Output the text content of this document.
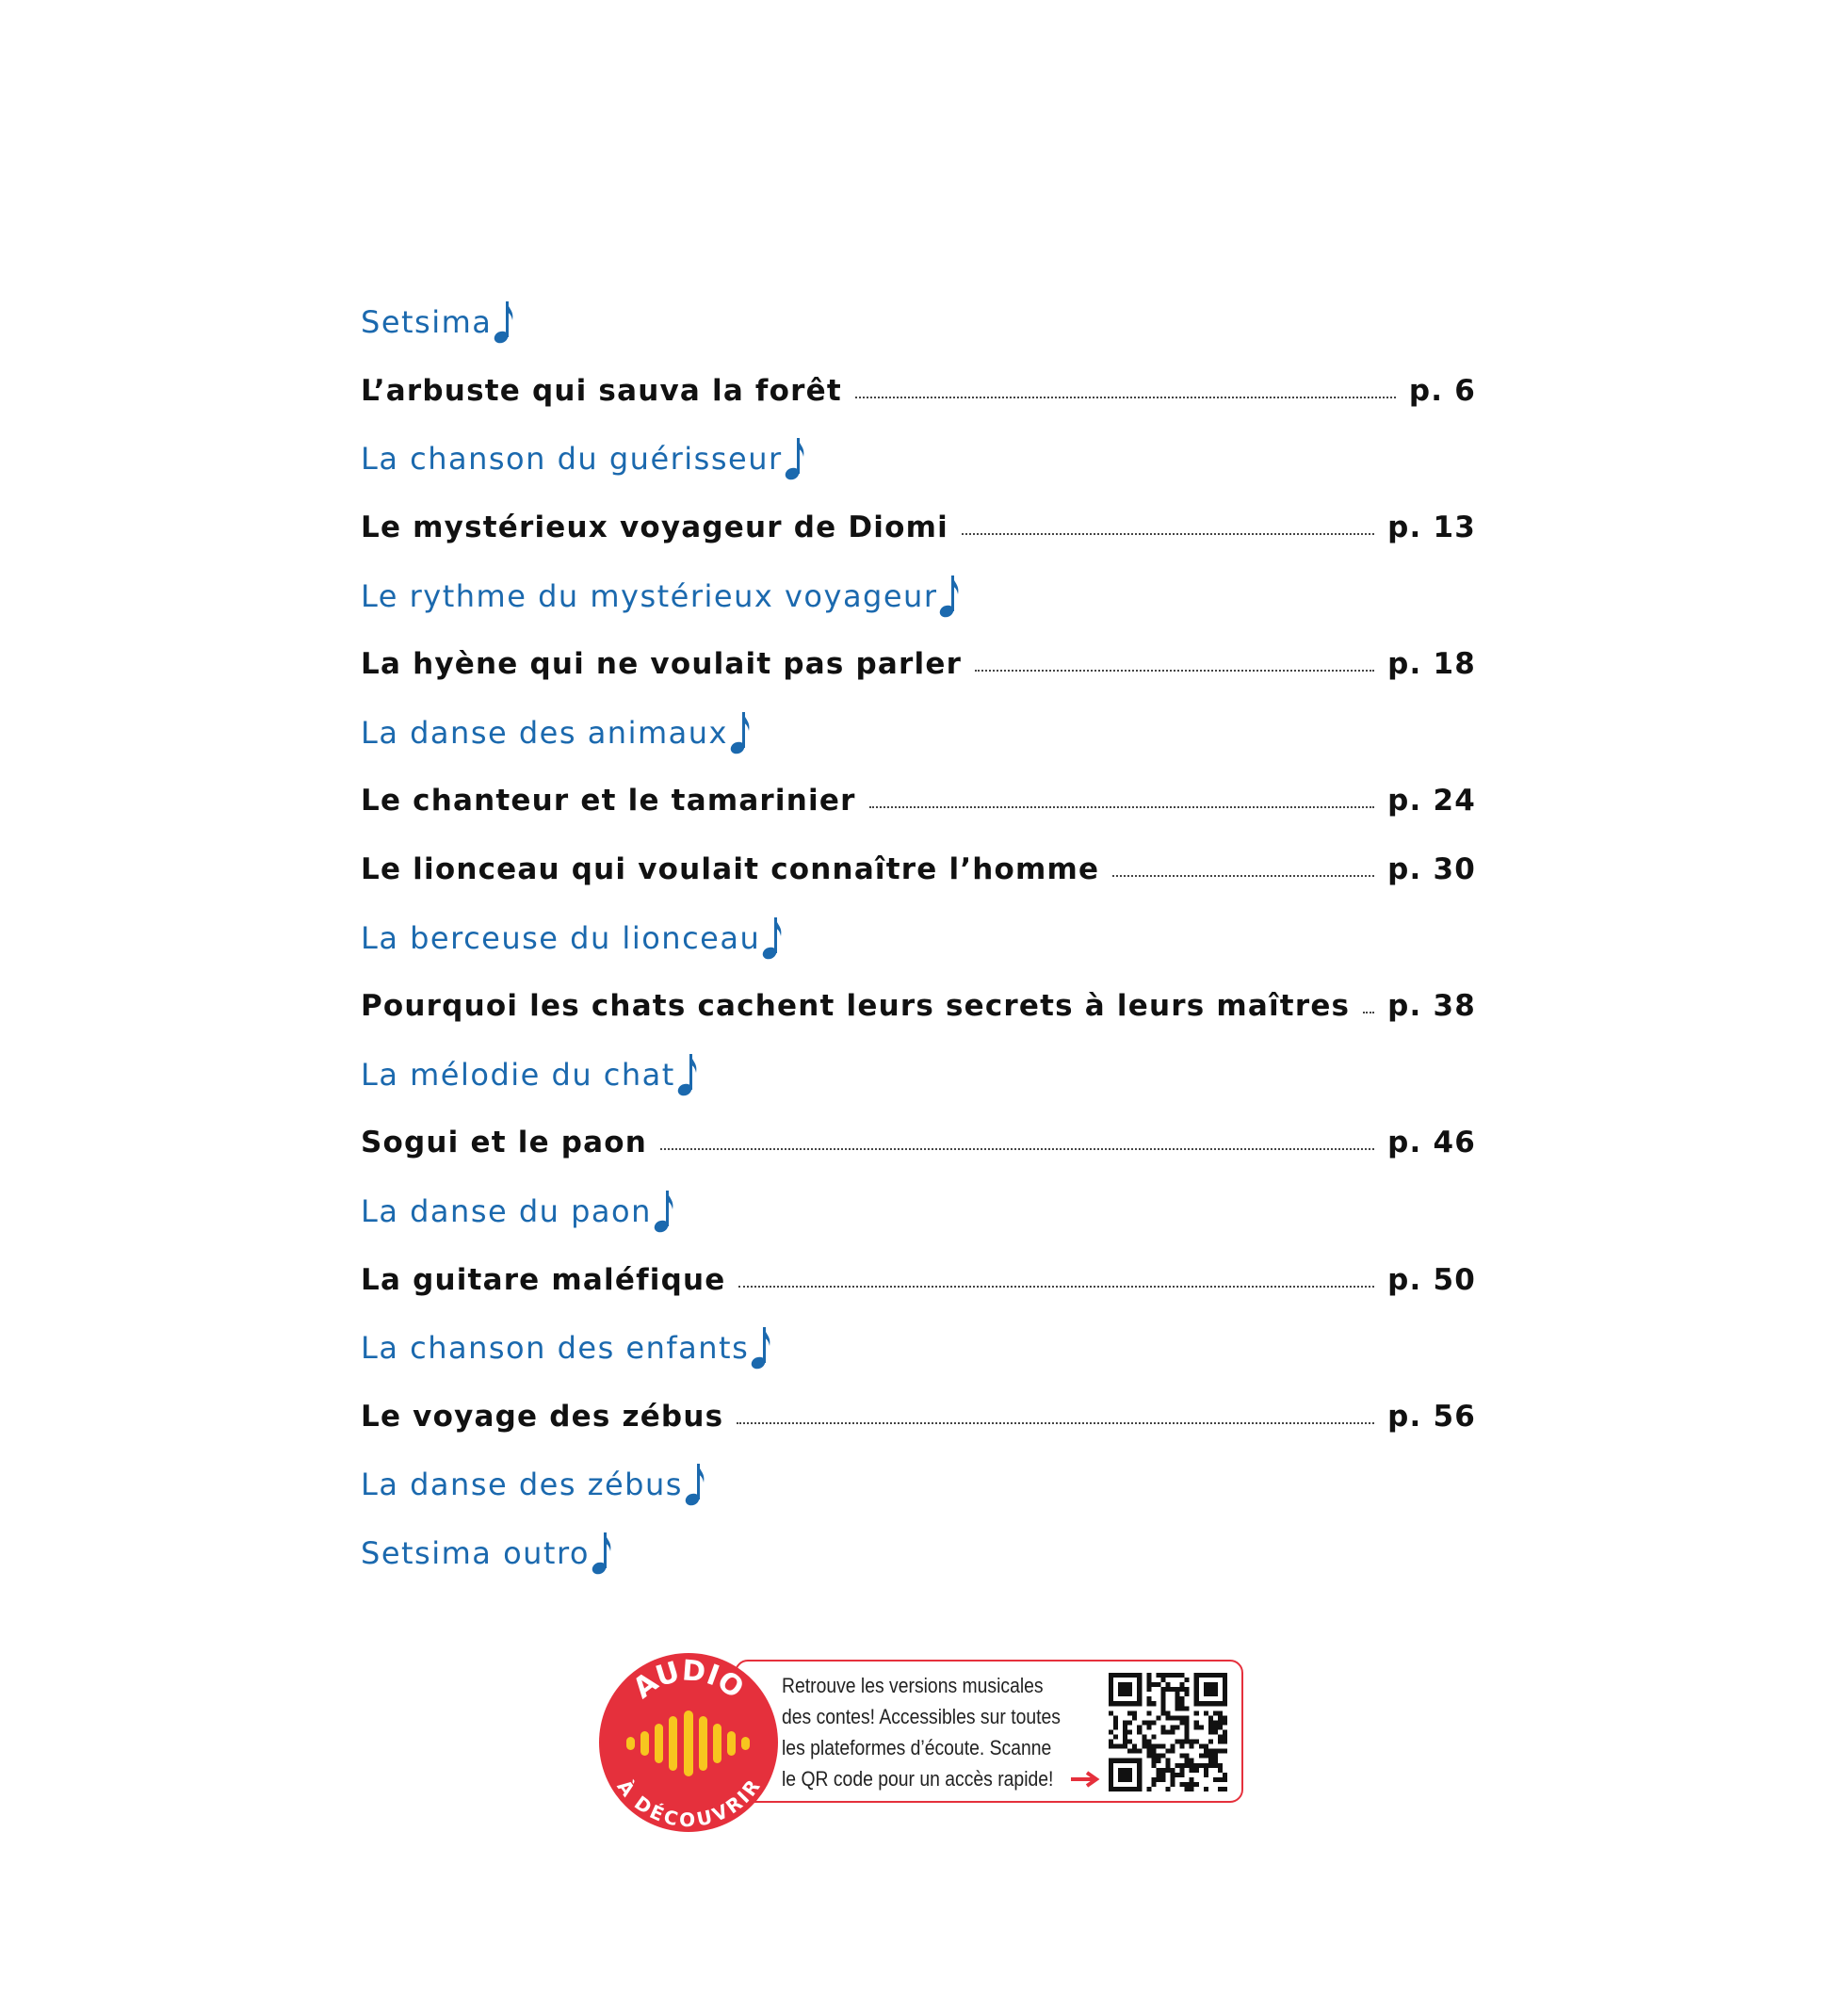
Setsima
L’arbuste qui sauva la forêt	p. 6
La chanson du guérisseur
Le mystérieux voyageur de Diomi	p. 13
Le rythme du mystérieux voyageur
La hyène qui ne voulait pas parler	p. 18
La danse des animaux
Le chanteur et le tamarinier	p. 24
Le lionceau qui voulait connaître l’homme	p. 30
La berceuse du lionceau
Pourquoi les chats cachent leurs secrets à leurs maîtres p. 38
La mélodie du chat
Sogui et le paon	p. 46
La danse du paon
La guitare maléfique	p. 50
La chanson des enfants
Le voyage des zébus	p. 56
La danse des zébus
Setsima outro
AUDIO
À DÉCOUVRIR
Retrouve les versions musicales
des contes! Accessibles sur toutes
les plateformes d’écoute. Scanne
le QR code pour un accès rapide!
